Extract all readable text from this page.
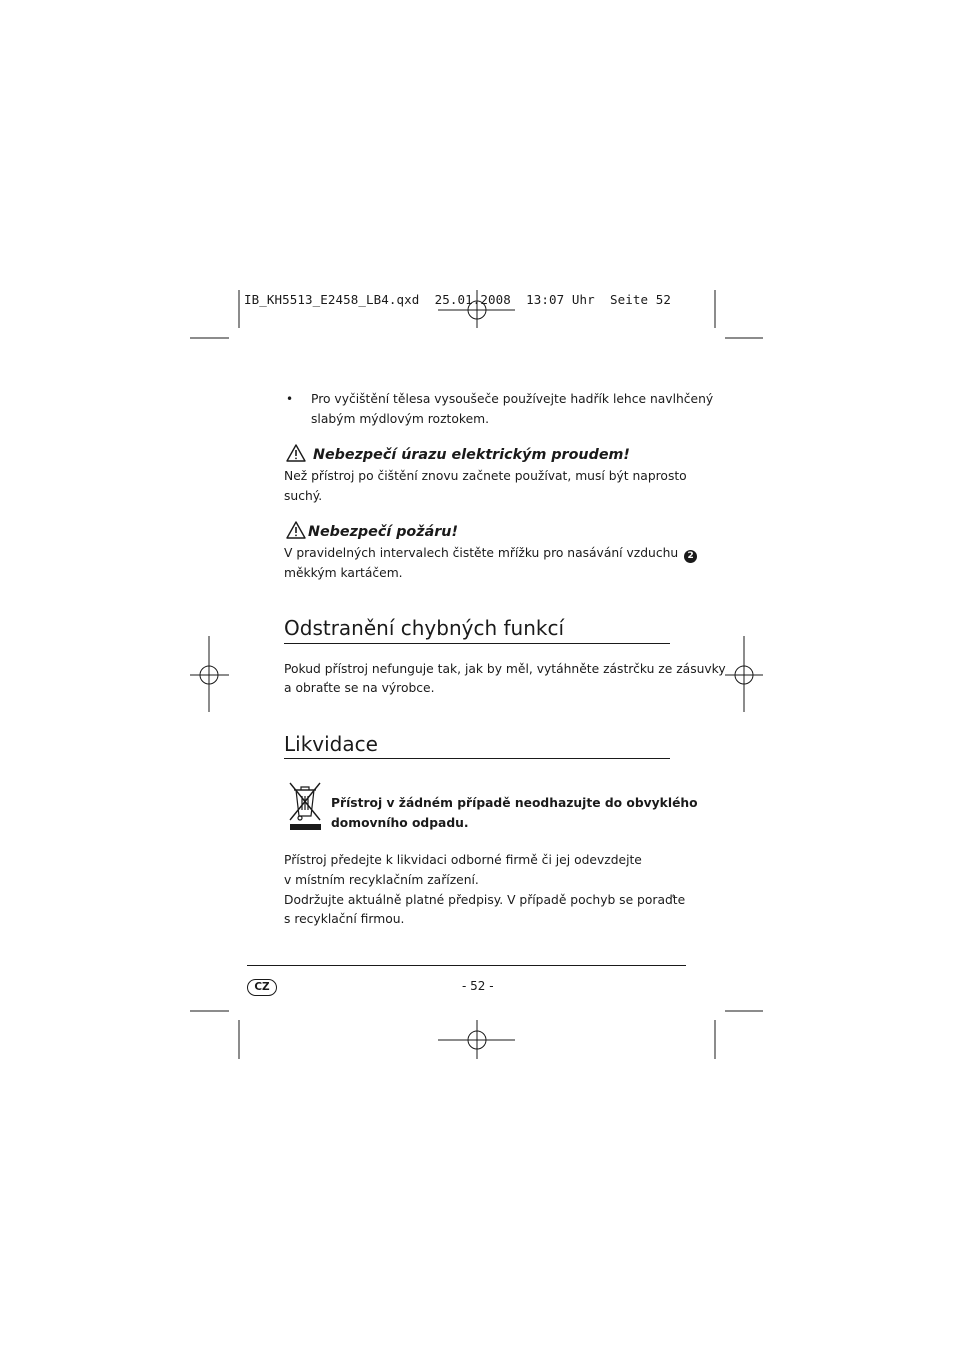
IB_KH5513_E2458_LB4.qxd  25.01.2008  13:07 Uhr  Seite 52
• Pro vyčištění tělesa vysoušeče používejte hadřík lehce navlhčený
slabým mýdlovým roztokem.
Nebezpečí úrazu elektrickým proudem!
Než přístroj po čištění znovu začnete používat, musí být naprosto
suchý.
Nebezpečí požáru!
V pravidelných intervalech čistěte mřížku pro nasávání vzduchu 2
měkkým kartáčem.
Odstranění chybných funkcí
Pokud přístroj nefunguje tak, jak by měl, vytáhněte zástrčku ze zásuvky
a obraťte se na výrobce.
Likvidace
Přístroj v žádném případě neodhazujte do obvyklého
domovního odpadu.
Přístroj předejte k likvidaci odborné firmě či jej odevzdejte
v místním recyklačním zařízení.
Dodržujte aktuálně platné předpisy. V případě pochyb se poraďte
s recyklační firmou.
CZ	- 52 -
